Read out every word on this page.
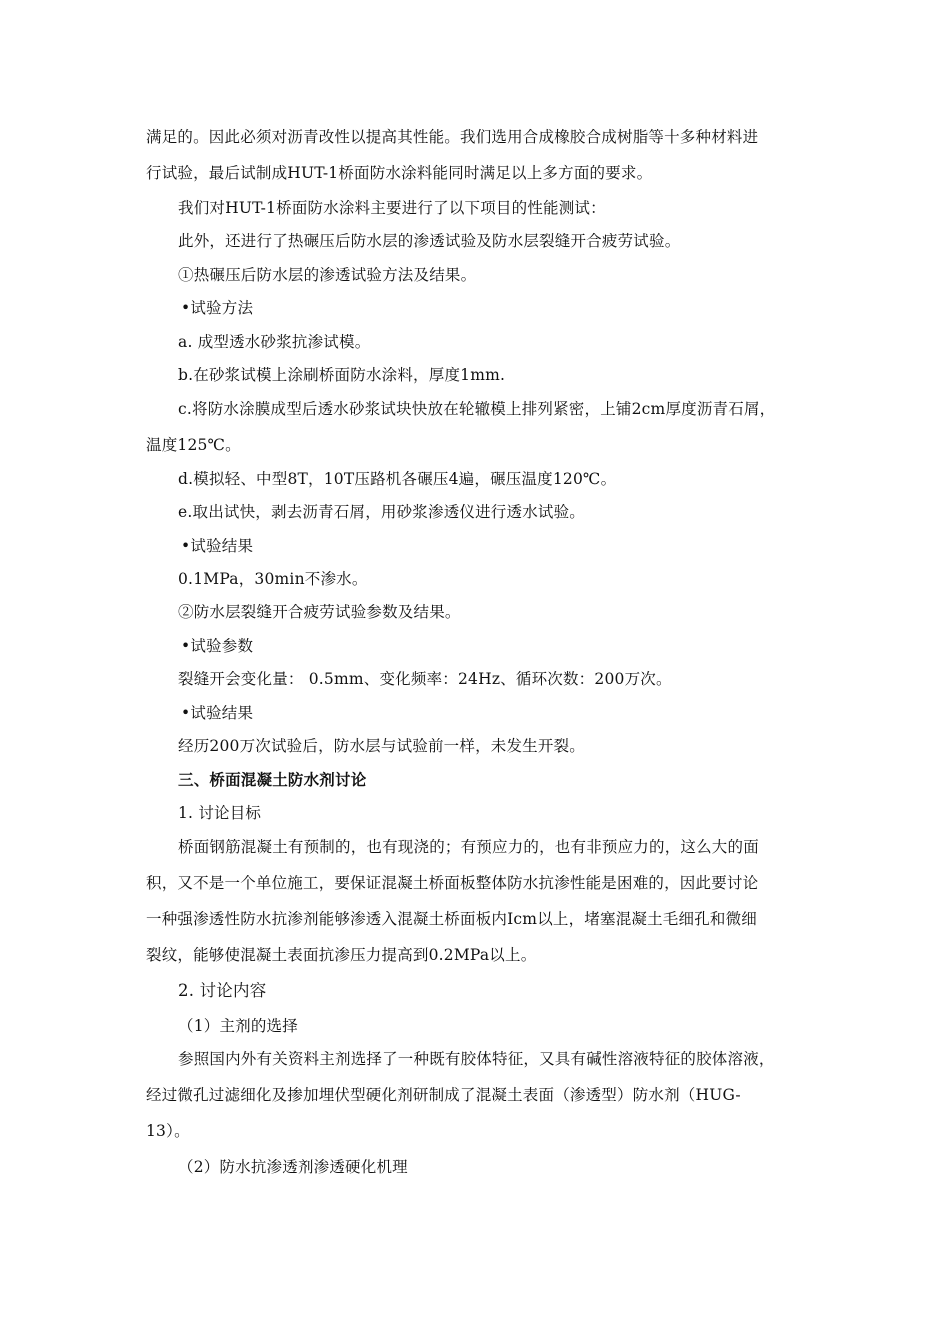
满足的。因此必须对沥青改性以提高其性能。我们选用合成橡胶合成树脂等十多种材料进
行试验，最后试制成HUT-1桥面防水涂料能同时满足以上多方面的要求。
我们对HUT-1桥面防水涂料主要进行了以下项目的性能测试：
此外，还进行了热碾压后防水层的渗透试验及防水层裂缝开合疲劳试验。
①热碾压后防水层的渗透试验方法及结果。
•试验方法
a. 成型透水砂浆抗渗试模。
b.在砂浆试模上涂刷桥面防水涂料，厚度1mm.
c.将防水涂膜成型后透水砂浆试块快放在轮辙模上排列紧密，上铺2cm厚度沥青石屑，
温度125℃。
d.模拟轻、中型8T，10T压路机各碾压4遍，碾压温度120℃。
e.取出试快，剥去沥青石屑，用砂浆渗透仪进行透水试验。
•试验结果
0.1MPa，30min不渗水。
②防水层裂缝开合疲劳试验参数及结果。
•试验参数
裂缝开会变化量： 0.5mm、变化频率：24Hz、循环次数：200万次。
•试验结果
经历200万次试验后，防水层与试验前一样，未发生开裂。
三、桥面混凝土防水剂讨论
1. 讨论目标
桥面钢筋混凝土有预制的，也有现浇的；有预应力的，也有非预应力的，这么大的面
积，又不是一个单位施工，要保证混凝土桥面板整体防水抗渗性能是困难的，因此要讨论
一种强渗透性防水抗渗剂能够渗透入混凝土桥面板内Icm以上，堵塞混凝土毛细孔和微细
裂纹，能够使混凝土表面抗渗压力提高到0.2MPa以上。
2. 讨论内容
（1）主剂的选择
参照国内外有关资料主剂选择了一种既有胶体特征，又具有碱性溶液特征的胶体溶液，
经过微孔过滤细化及掺加埋伏型硬化剂研制成了混凝土表面（渗透型）防水剂（HUG-
13）。
（2）防水抗渗透剂渗透硬化机理
